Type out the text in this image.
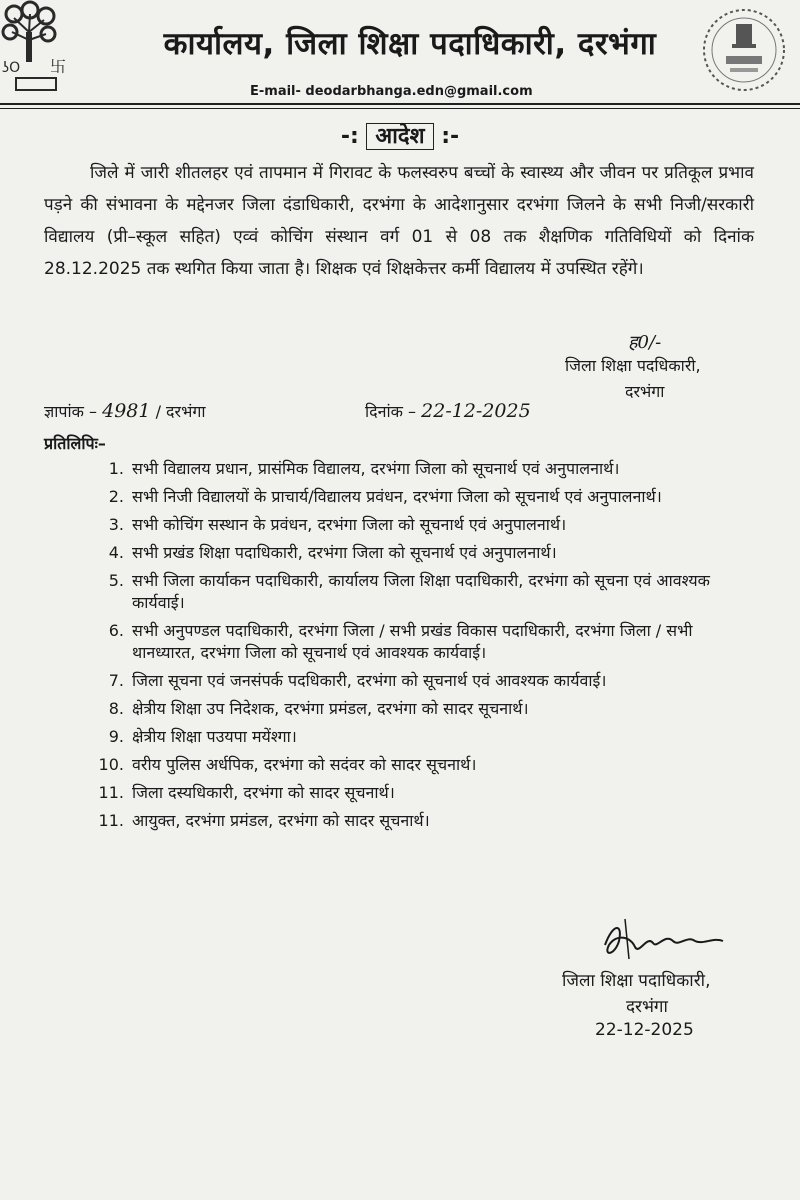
ʖO 卐
कार्यालय, जिला शिक्षा पदाधिकारी, दरभंगा
E-mail- deodarbhanga.edn@gmail.com
-: आदेश :-
जिले में जारी शीतलहर एवं तापमान में गिरावट के फलस्वरुप बच्चों के स्वास्थ्य और जीवन पर प्रतिकूल प्रभाव पड़ने की संभावना के मद्देनजर जिला दंडाधिकारी, दरभंगा के आदेशानुसार दरभंगा जिलने के सभी निजी/सरकारी विद्यालय (प्री–स्कूल सहित) एव्वं कोचिंग संस्थान वर्ग 01 से 08 तक शैक्षणिक गतिविधियों को दिनांक 28.12.2025 तक स्थगित किया जाता है। शिक्षक एवं शिक्षकेत्तर कर्मी विद्यालय में उपस्थित रहेंगे।
ह0/-
जिला शिक्षा पदधिकारी,
दरभंगा
ज्ञापांक – 4981 / दरभंगा	दिनांक – 22-12-2025
प्रतिलिपिः–
1. सभी विद्यालय प्रधान, प्रासंमिक विद्यालय, दरभंगा जिला को सूचनार्थ एवं अनुपालनार्थ।
2. सभी निजी विद्यालयों के प्राचार्य/विद्यालय प्रवंधन, दरभंगा जिला को सूचनार्थ एवं अनुपालनार्थ।
3. सभी कोचिंग सस्थान के प्रवंधन, दरभंगा जिला को सूचनार्थ एवं अनुपालनार्थ।
4. सभी प्रखंड शिक्षा पदाधिकारी, दरभंगा जिला को सूचनार्थ एवं अनुपालनार्थ।
5. सभी जिला कार्याकन पदाधिकारी, कार्यालय जिला शिक्षा पदाधिकारी, दरभंगा को सूचना एवं आवश्यक कार्यवाई।
6. सभी अनुपण्डल पदाधिकारी, दरभंगा जिला / सभी प्रखंड विकास पदाधिकारी, दरभंगा जिला / सभी थानध्यारत, दरभंगा जिला को सूचनार्थ एवं आवश्यक कार्यवाई।
7. जिला सूचना एवं जनसंपर्क पदधिकारी, दरभंगा को सूचनार्थ एवं आवश्यक कार्यवाई।
8. क्षेत्रीय शिक्षा उप निदेशक, दरभंगा प्रमंडल, दरभंगा को सादर सूचनार्थ।
9. क्षेत्रीय शिक्षा पउयपा मयेंश्गा।
10. वरीय पुलिस अर्धपिक, दरभंगा को सदंवर को सादर सूचनार्थ।
11. जिला दस्यधिकारी, दरभंगा को सादर सूचनार्थ।
11. आयुक्त, दरभंगा प्रमंडल, दरभंगा को सादर सूचनार्थ।
जिला शिक्षा पदाधिकारी,
दरभंगा
22-12-2025
